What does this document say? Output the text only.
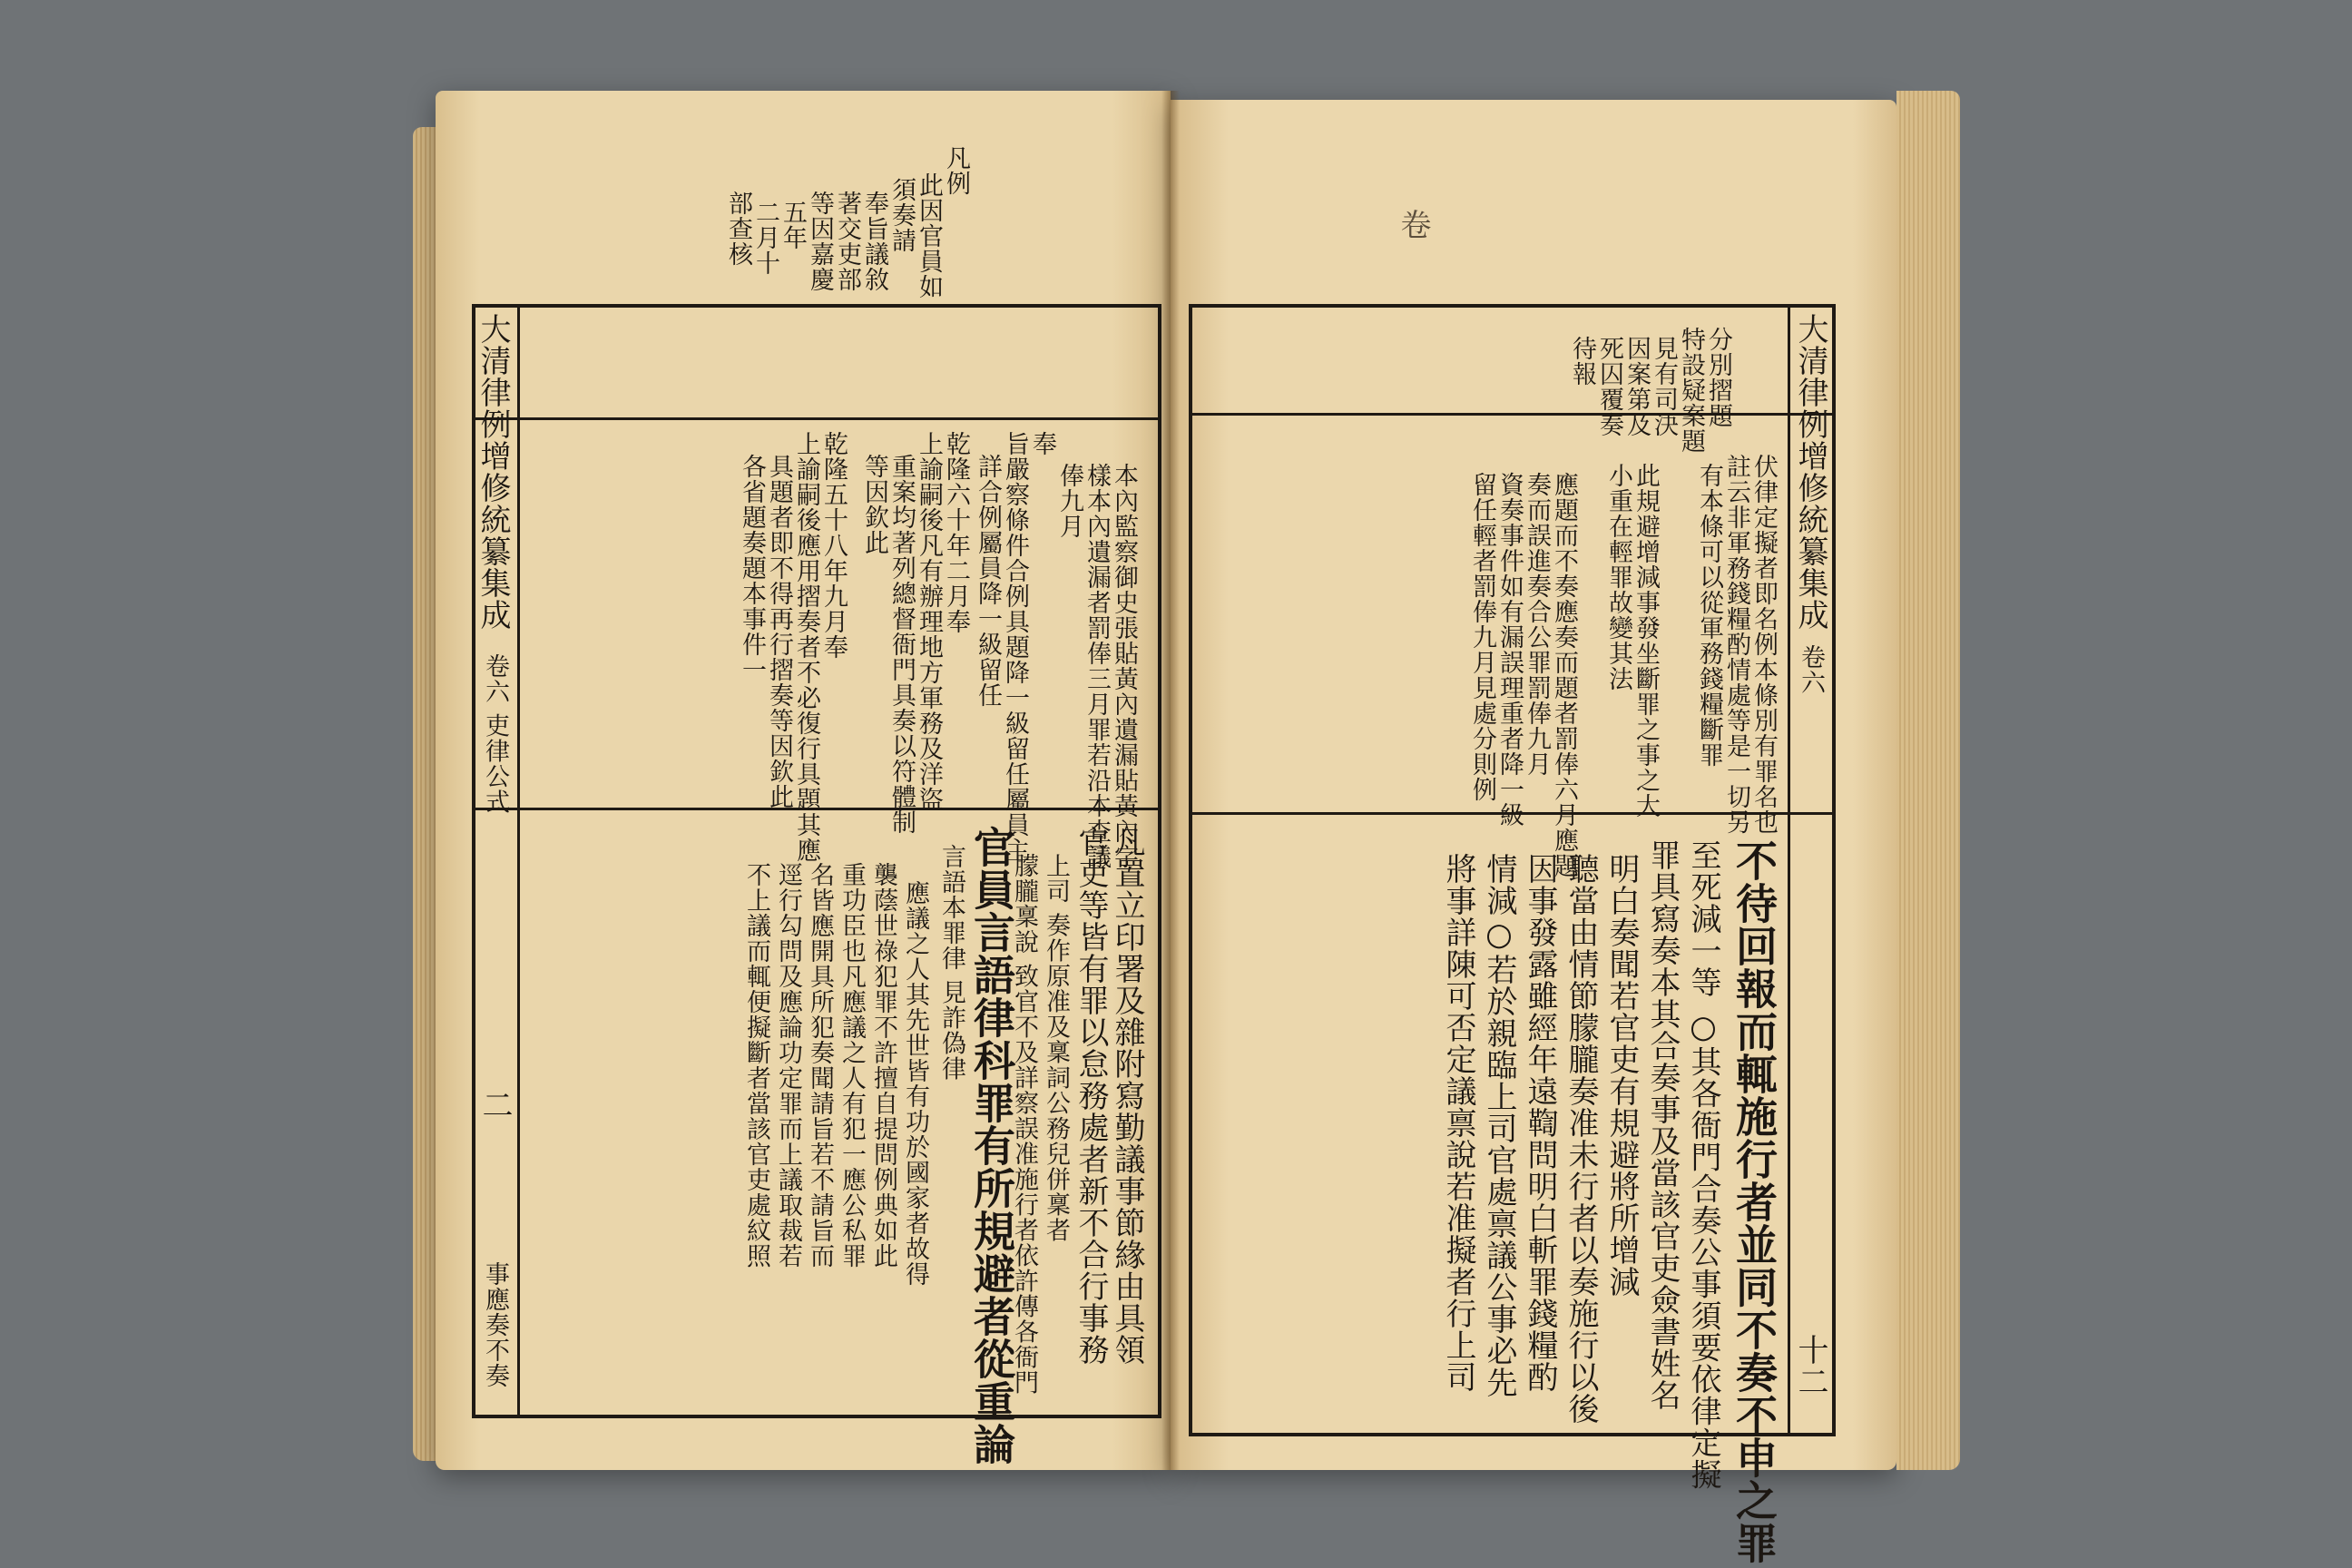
凡例
此因官員如
須奏請
奉旨議敘
著交吏部
等因嘉慶
五年
二月十
部查核
大清律例增修統纂集成
卷六 吏律公式
二
事應奏不奏
本內監察御史張貼黃內遺漏貼黃內字
樣本內遺漏者罰俸三月罪若沿本查議
俸九月
奉
旨嚴察條件合例具題降一級留任屬員主
詳合例屬員降一級留任
乾隆六十年二月奉
上諭嗣後凡有辦理地方軍務及洋盜
重案均著列總督衙門具奏以符體制
等因欽此
乾隆五十八年九月奉
上諭嗣後應用摺奏者不必復行具題其應
具題者即不得再行摺奏等因欽此
各省題奏題本事件一
凡置立印署及雜附寫勤議事節緣由具領
官吏等皆有罪以怠務處者新不合行事務
上司 奏作原准及稟詞公務兒併稟者
朦朧稟說 致官不及詳察誤准施行者依許傳各衙門
官員言語律科罪有所規避者從重論
言語本罪律 見詐偽律
應議之人其先世皆有功於國家者故得
襲蔭世祿犯罪不許擅自提問例典如此
重功臣也凡應議之人有犯一應公私罪
名皆應開具所犯奏聞請旨若不請旨而
逕行勾問及應論功定罪而上議取裁若
不上議而輒便擬斷者當該官吏處紋照
卷
大清律例增修統纂集成
卷六
十二
分別摺題
特設疑案題
見有司決
因案第及
死囚覆奏
待報
伏律定擬者即名例本條別有罪名也
註云非軍務錢糧酌情處等是一切另
有本條可以從軍務錢糧斷罪
此規避增減事發坐斷罪之事之大
小重在輕罪故變其法
應題而不奏應奏而題者罰俸六月應題
奏而誤進奏合公罪罰俸九月
資奏事件如有漏誤理重者降一級
留任輕者罰俸九月見處分則例
不待回報而輒施行者並同不奏不申之罪
至死減一等 ○其各衙門合奏公事須要依律定擬
罪具寫奏本其合奏事及當該官吏僉書姓名
明白奏聞若官吏有規避將所增減
聽當由情節朦朧奏准未行者以奏施行以後
因事發露雖經年遠鞫問明白斬罪錢糧酌
情減○若於親臨上司官處禀議公事必先
將事詳陳可否定議禀說若准擬者行上司
